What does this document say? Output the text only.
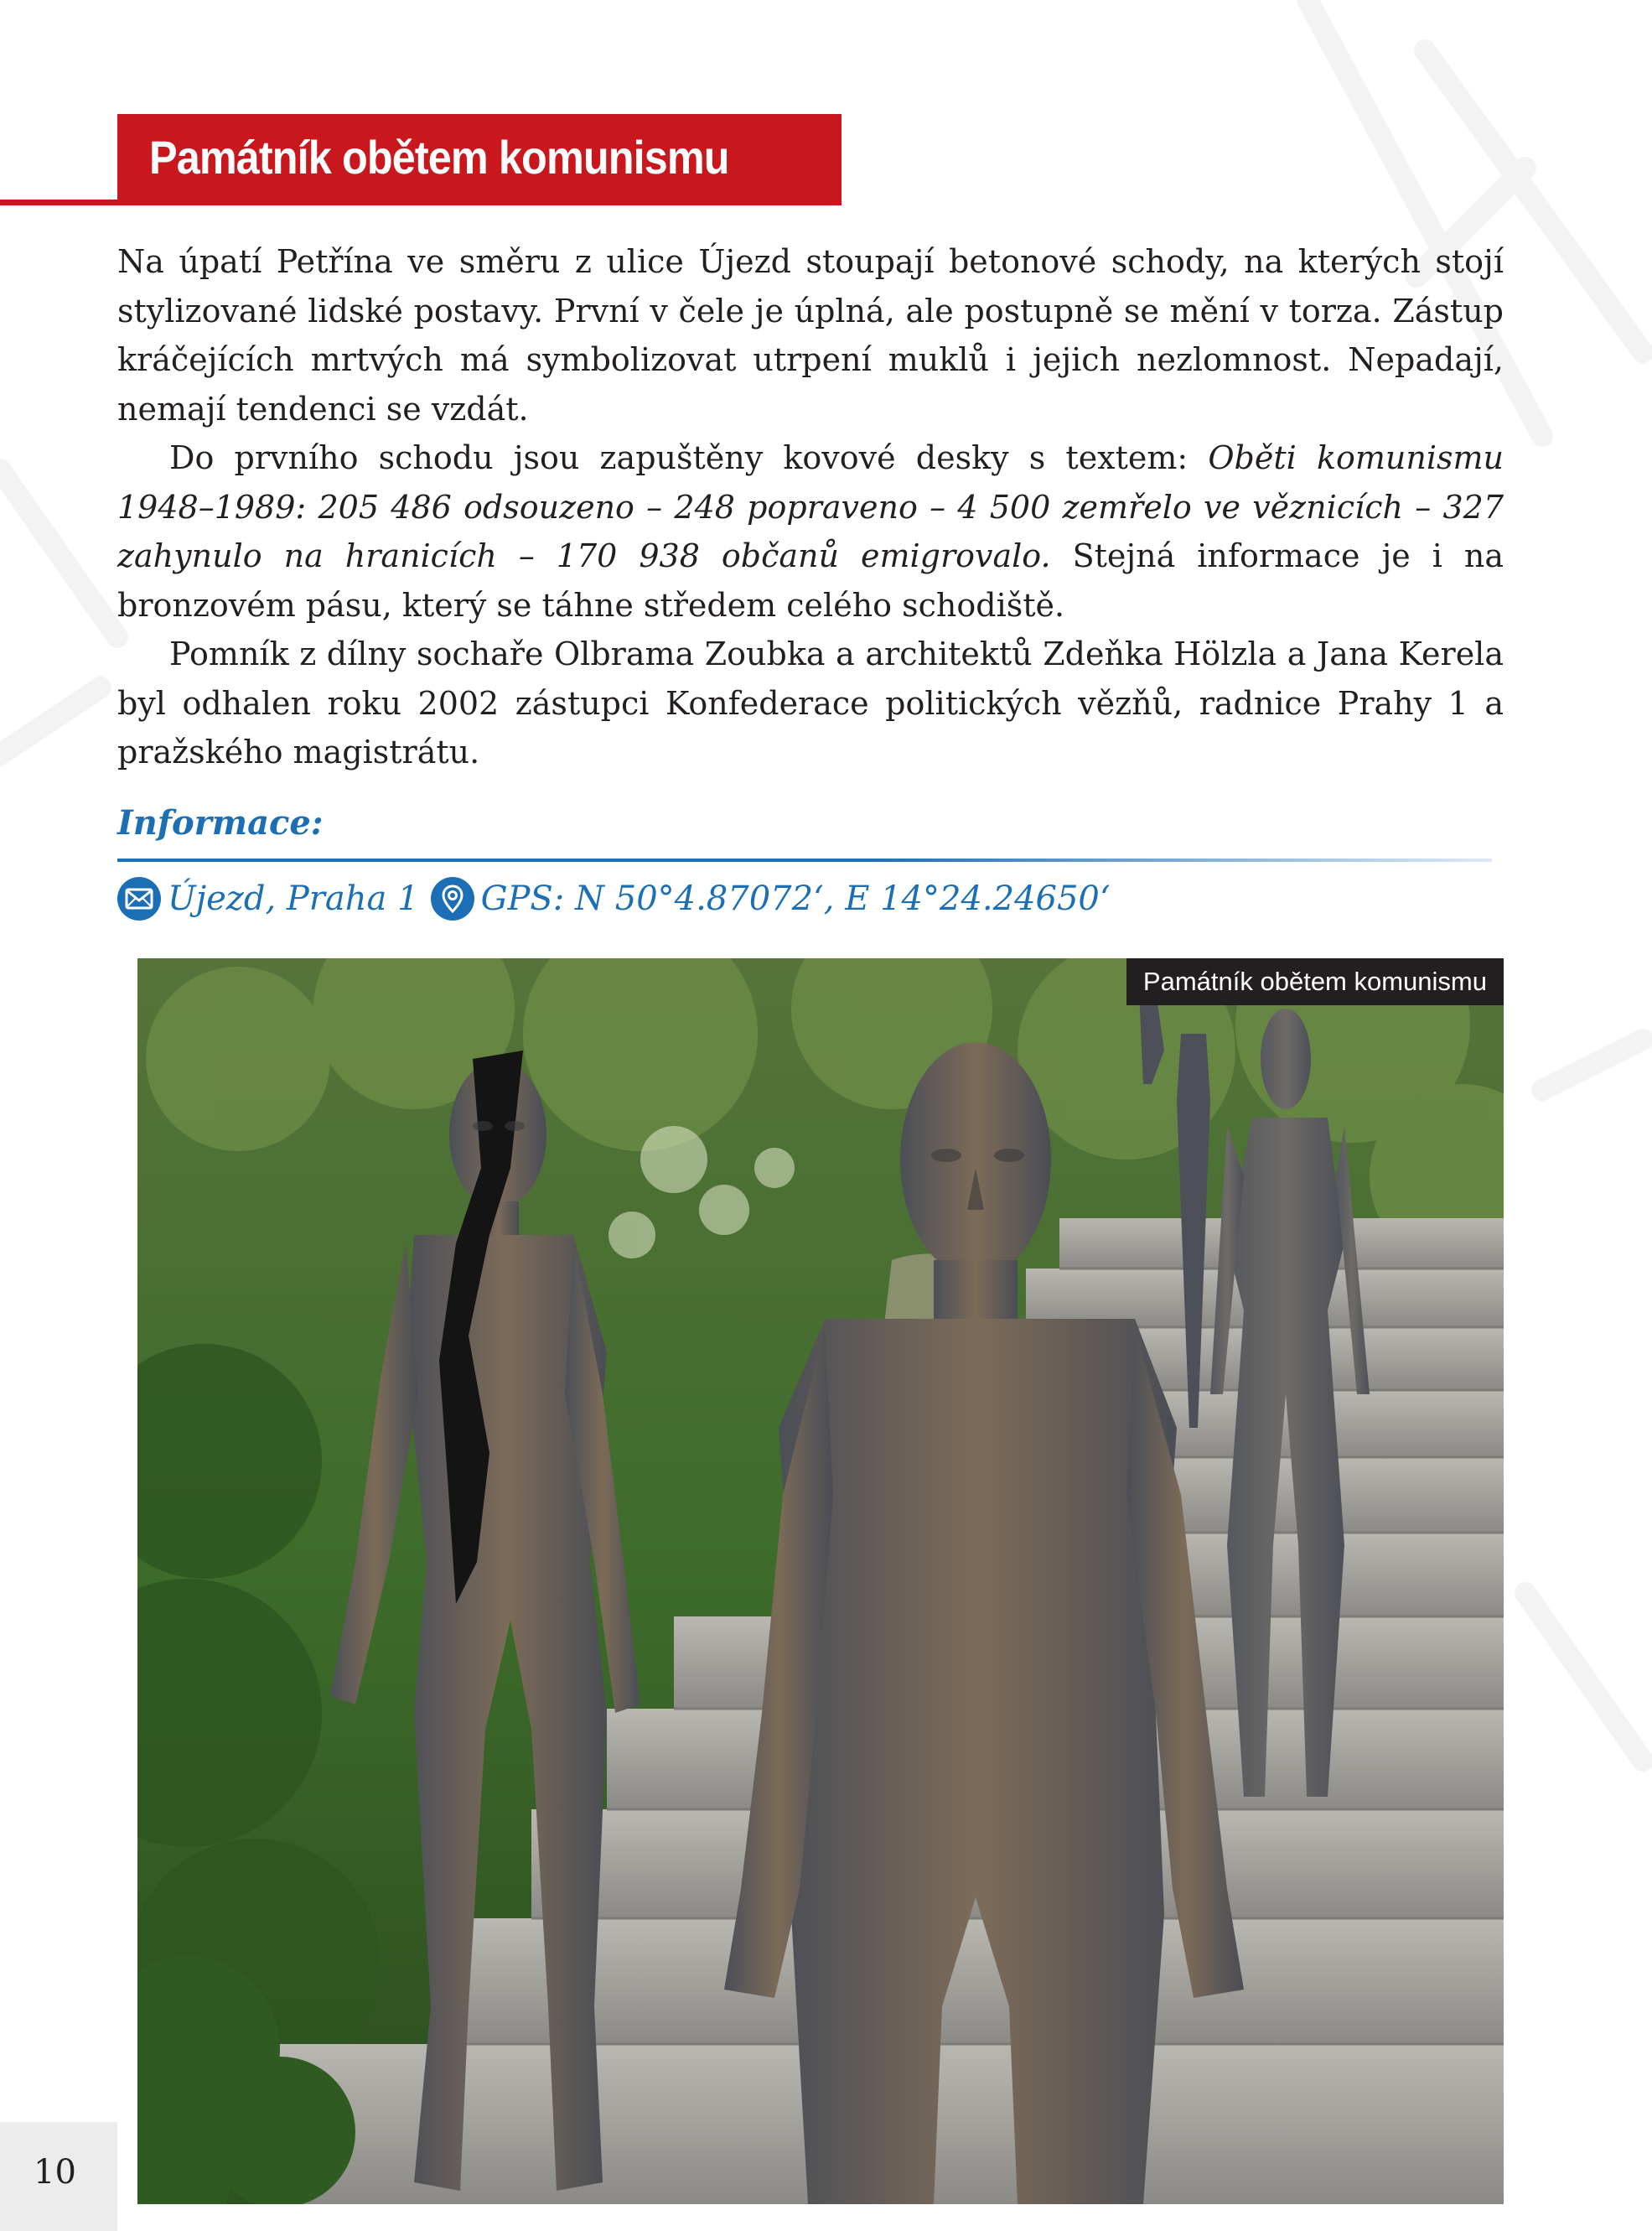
Památník obětem komunismu

Na úpatí Petřína ve směru z ulice Újezd stoupají betonové schody, na kterých stojí stylizované lidské postavy. První v čele je úplná, ale postupně se mění v torza. Zástup kráčejících mrtvých má symbolizovat utrpení muklů i jejich nezlomnost. Nepadají, nemají tendenci se vzdát.

Do prvního schodu jsou zapuštěny kovové desky s textem: Oběti komunismu 1948–1989: 205 486 odsouzeno – 248 popraveno – 4 500 zemřelo ve věznicích – 327 zahynulo na hranicích – 170 938 občanů emigrovalo. Stejná informace je i na bronzovém pásu, který se táhne středem celého schodiště.

Pomník z dílny sochaře Olbrama Zoubka a architektů Zdeňka Hölzla a Jana Kerela byl odhalen roku 2002 zástupci Konfederace politických vězňů, radnice Prahy 1 a pražského magistrátu.

Informace:
Újezd, Praha 1 GPS: N 50°4.87072‘, E 14°24.24650‘
Památník obětem komunismu
10
